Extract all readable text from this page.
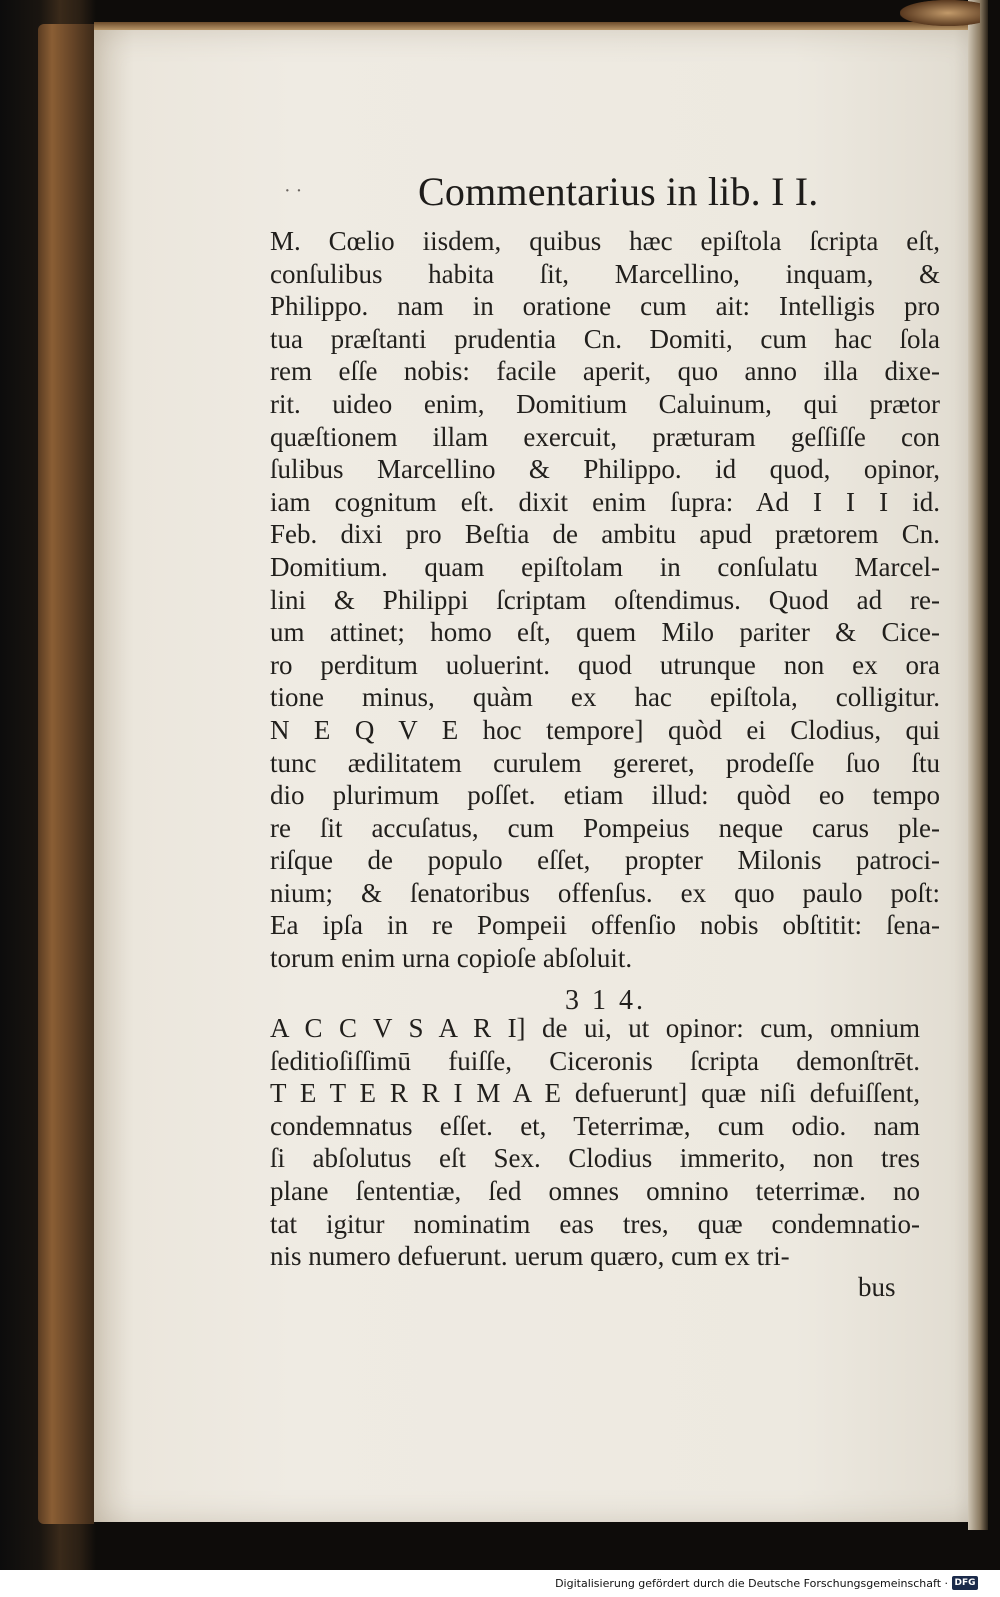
· ·	Commentarius in lib. I I.
M. Cœlio iisdem, quibus hæc epiſtola ſcripta eſt,
conſulibus habita ſit, Marcellino, inquam, &
Philippo. nam in oratione cum ait: Intelligis pro
tua præſtanti prudentia Cn. Domiti, cum hac ſola
rem eſſe nobis: facile aperit, quo anno illa dixe-
rit. uideo enim, Domitium Caluinum, qui prætor
quæſtionem illam exercuit, præturam geſſiſſe con
ſulibus Marcellino & Philippo. id quod, opinor,
iam cognitum eſt. dixit enim ſupra: Ad I I I id.
Feb. dixi pro Beſtia de ambitu apud prætorem Cn.
Domitium. quam epiſtolam in conſulatu Marcel-
lini & Philippi ſcriptam oſtendimus. Quod ad re-
um attinet; homo eſt, quem Milo pariter & Cice-
ro perditum uoluerint. quod utrunque non ex ora
tione minus, quàm ex hac epiſtola, colligitur.
N E Q V E hoc tempore] quòd ei Clodius, qui
tunc ædilitatem curulem gereret, prodeſſe ſuo ſtu
dio plurimum poſſet. etiam illud: quòd eo tempo
re ſit accuſatus, cum Pompeius neque carus ple-
riſque de populo eſſet, propter Milonis patroci-
nium; & ſenatoribus offenſus. ex quo paulo poſt:
Ea ipſa in re Pompeii offenſio nobis obſtitit: ſena-
torum enim urna copioſe abſoluit.
3 1 4.
A C C V S A R I] de ui, ut opinor: cum, omnium
ſeditioſiſſimū fuiſſe, Ciceronis ſcripta demonſtrēt.
T E T E R R I M A E defuerunt] quæ niſi defuiſſent,
condemnatus eſſet. et, Teterrimæ, cum odio. nam
ſi abſolutus eſt Sex. Clodius immerito, non tres
plane ſententiæ, ſed omnes omnino teterrimæ. no
tat igitur nominatim eas tres, quæ condemnatio-
nis numero defuerunt. uerum quæro, cum ex tri-
bus
Digitalisierung gefördert durch die Deutsche Forschungsgemeinschaft · DFG
